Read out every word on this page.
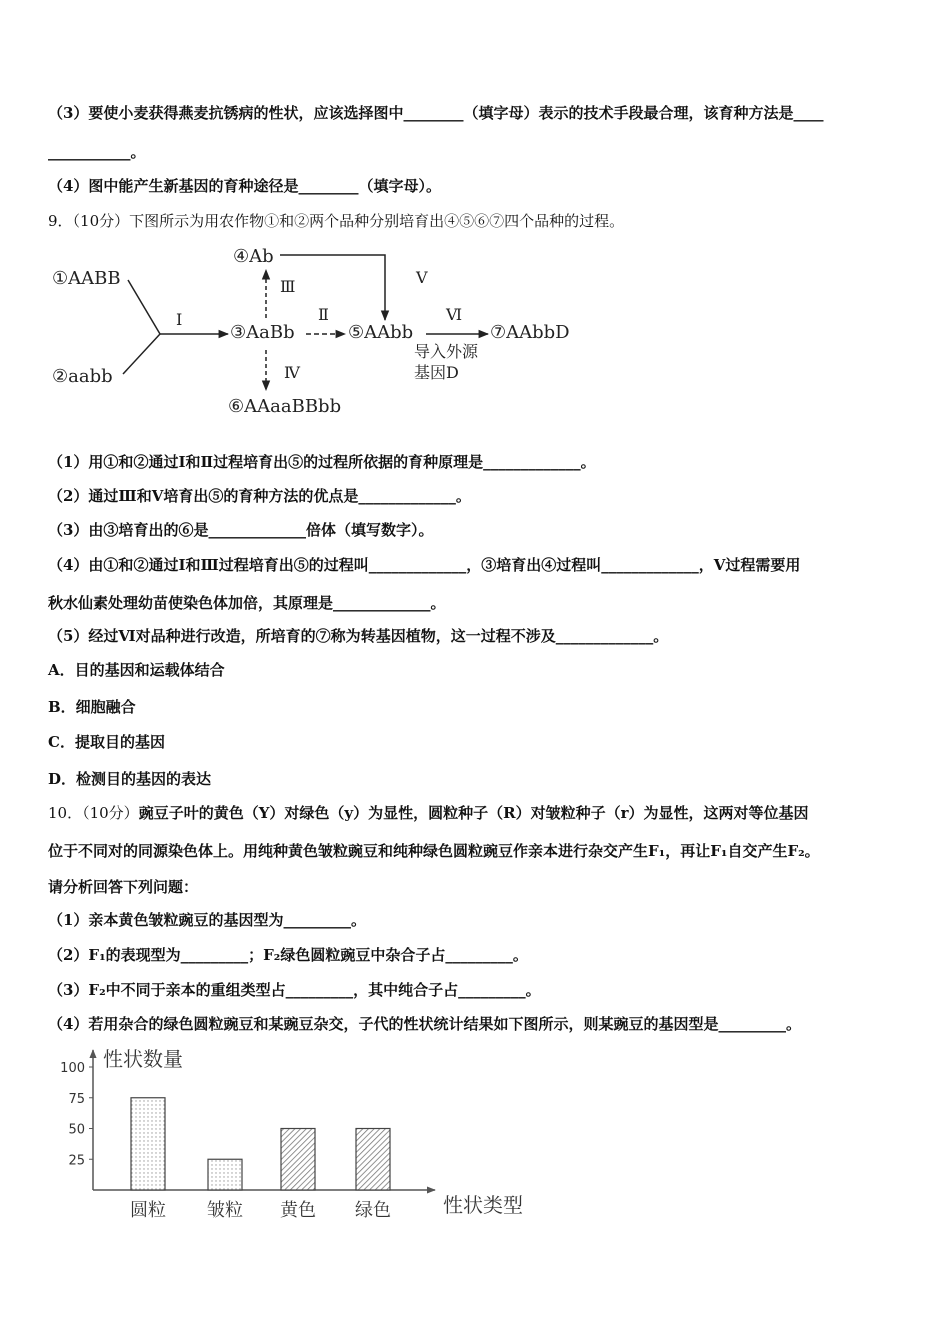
（3）要使小麦获得燕麦抗锈病的性状，应该选择图中________（填字母）表示的技术手段最合理，该育种方法是____
___________。
（4）图中能产生新基因的育种途径是________（填字母）。
9．（10分）下图所示为用农作物①和②两个品种分别培育出④⑤⑥⑦四个品种的过程。
①AABB
②aabb
Ⅰ
③AaBb
④Ab
Ⅲ	Ⅴ
Ⅱ
⑤AAbb
Ⅵ
导入外源
基因D
⑦AAbbD
Ⅳ
⑥AAaaBBbb
（1）用①和②通过Ⅰ和Ⅱ过程培育出⑤的过程所依据的育种原理是_____________。
（2）通过Ⅲ和Ⅴ培育出⑤的育种方法的优点是_____________。
（3）由③培育出的⑥是_____________倍体（填写数字）。
（4）由①和②通过Ⅰ和Ⅲ过程培育出⑤的过程叫_____________，③培育出④过程叫_____________，Ⅴ过程需要用
秋水仙素处理幼苗使染色体加倍，其原理是_____________。
（5）经过Ⅵ对品种进行改造，所培育的⑦称为转基因植物，这一过程不涉及_____________。
A．目的基因和运载体结合
B．细胞融合
C．提取目的基因
D．检测目的基因的表达
10．（10分）豌豆子叶的黄色（Y）对绿色（y）为显性，圆粒种子（R）对皱粒种子（r）为显性，这两对等位基因
位于不同对的同源染色体上。用纯种黄色皱粒豌豆和纯种绿色圆粒豌豆作亲本进行杂交产生F₁，再让F₁自交产生F₂。
请分析回答下列问题：
（1）亲本黄色皱粒豌豆的基因型为_________。
（2）F₁的表现型为_________；F₂绿色圆粒豌豆中杂合子占_________。
（3）F₂中不同于亲本的重组类型占_________，其中纯合子占_________。
（4）若用杂合的绿色圆粒豌豆和某豌豆杂交，子代的性状统计结果如下图所示，则某豌豆的基因型是_________。
性状数量
性状类型
25
50
75
100
圆粒 皱粒 黄色 绿色
